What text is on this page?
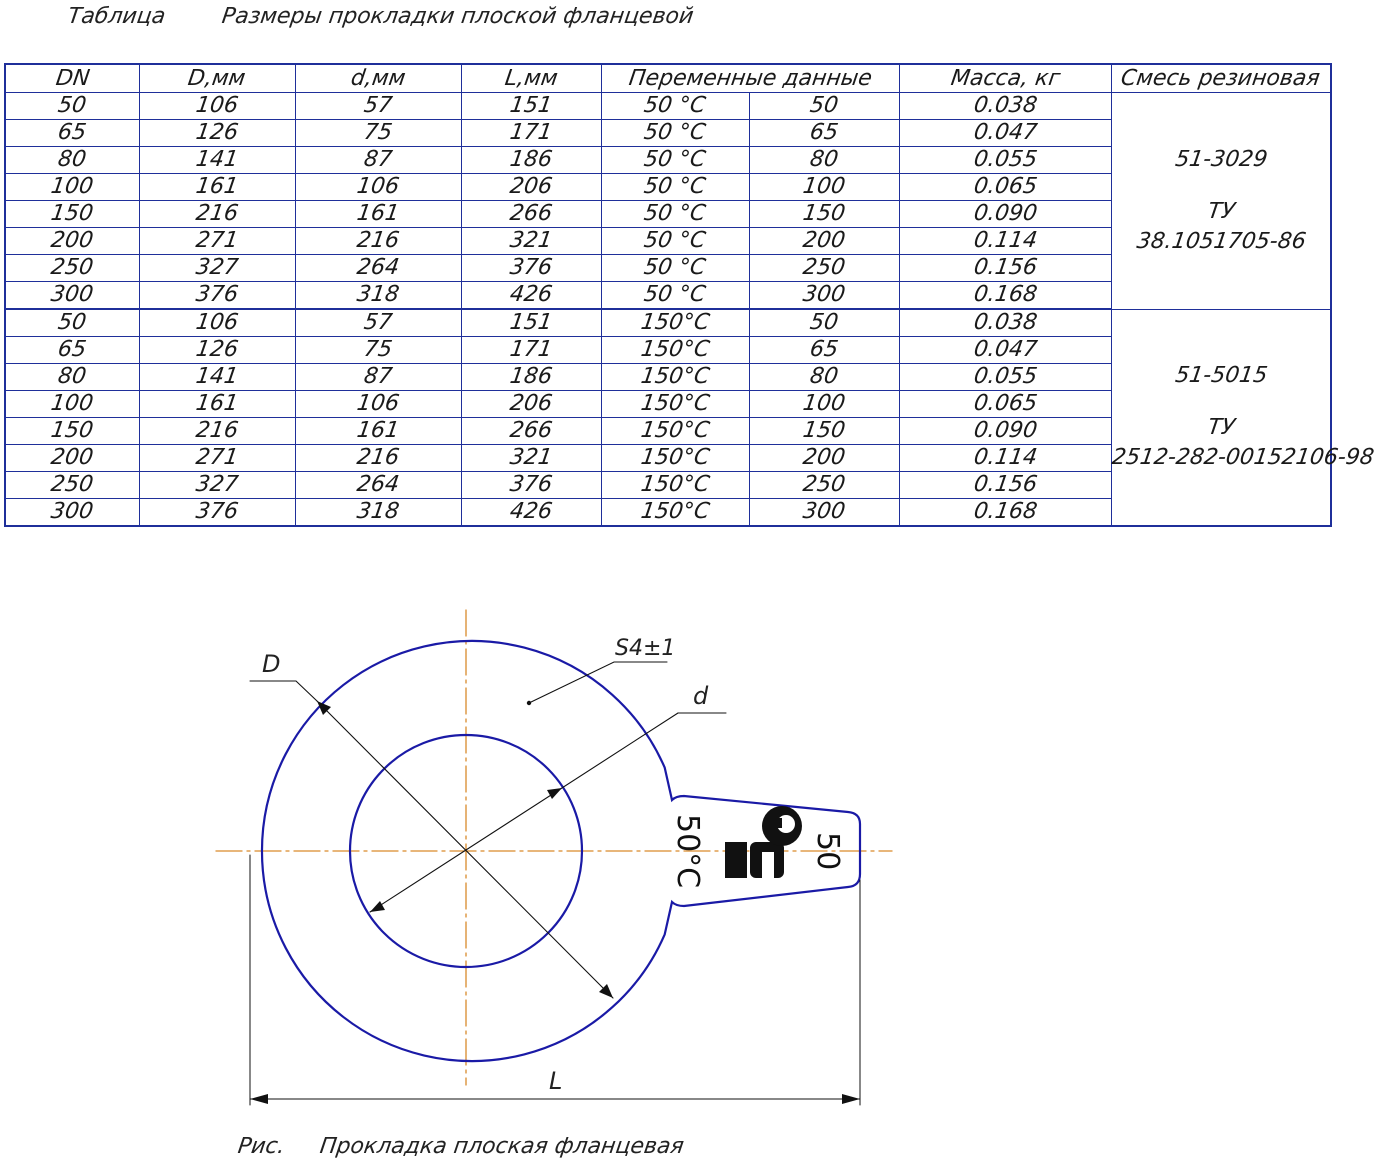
Таблица Размеры прокладки плоской фланцевой
DN	D,мм	d,мм	L,мм	Переменные данные		Масса, кг	Смесь резиновая
50	106	57	151	50 °С	50	0.038	51-3029
ТУ
38.1051705-86

65	126	75	171	50 °С	65	0.047	
80	141	87	186	50 °С	80	0.055	
100	161	106	206	50 °С	100	0.065	
150	216	161	266	50 °С	150	0.090	
200	271	216	321	50 °С	200	0.114	
250	327	264	376	50 °С	250	0.156	
300	376	318	426	50 °С	300	0.168	
50	106	57	151	150°С	50	0.038	51-5015
ТУ
2512-282-00152106-98

65	126	75	171	150°С	65	0.047	
80	141	87	186	150°С	80	0.055	
100	161	106	206	150°С	100	0.065	
150	216	161	266	150°С	150	0.090	
200	271	216	321	150°С	200	0.114	
250	327	264	376	150°С	250	0.156	
300	376	318	426	150°С	300	0.168	
D
d
S4±1
L
50°С	50
Рис. Прокладка плоская фланцевая
